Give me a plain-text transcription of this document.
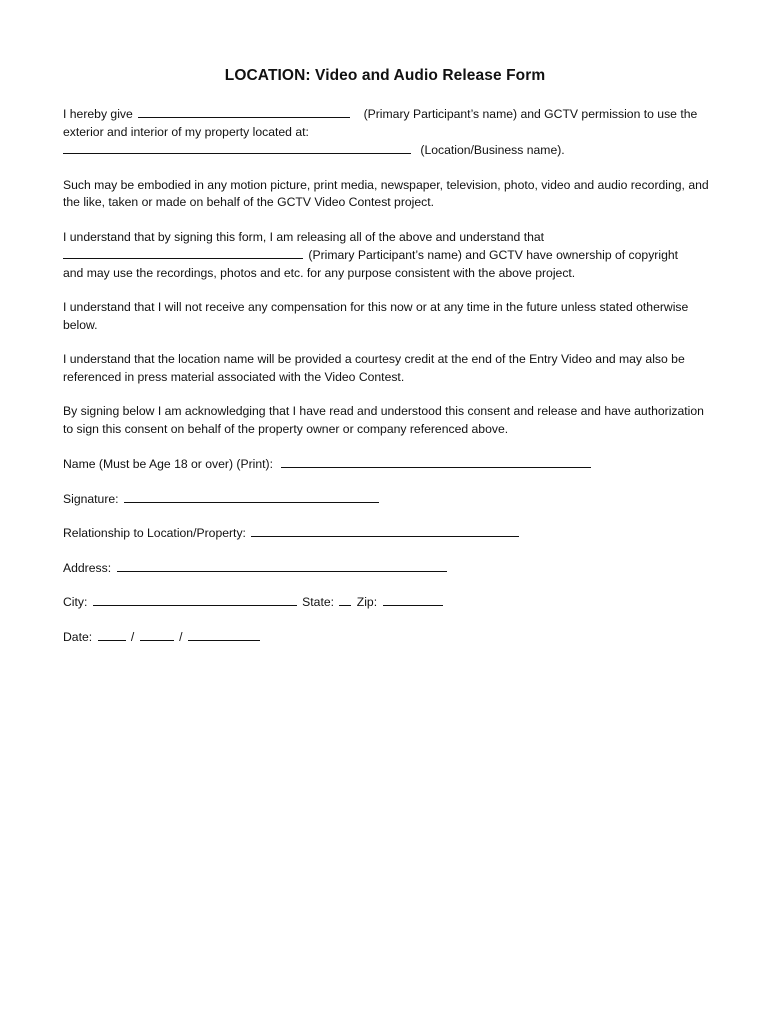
LOCATION: Video and Audio Release Form
I hereby give	(Primary Participant’s name) and GCTV permission to use the
exterior and interior of my property located at:
(Location/Business name).
Such may be embodied in any motion picture, print media, newspaper, television, photo, video and audio recording, and the like, taken or made on behalf of the GCTV Video Contest project.
I understand that by signing this form, I am releasing all of the above and understand that
(Primary Participant’s name) and GCTV have ownership of copyright
and may use the recordings, photos and etc. for any purpose consistent with the above project.
I understand that I will not receive any compensation for this now or at any time in the future unless stated otherwise below.
I understand that the location name will be provided a courtesy credit at the end of the Entry Video and may also be referenced in press material associated with the Video Contest.
By signing below I am acknowledging that I have read and understood this consent and release and have authorization to sign this consent on behalf of the property owner or company referenced above.
Name (Must be Age 18 or over) (Print):
Signature:
Relationship to Location/Property:
Address:
City:	State: Zip:
Date:	/	/
